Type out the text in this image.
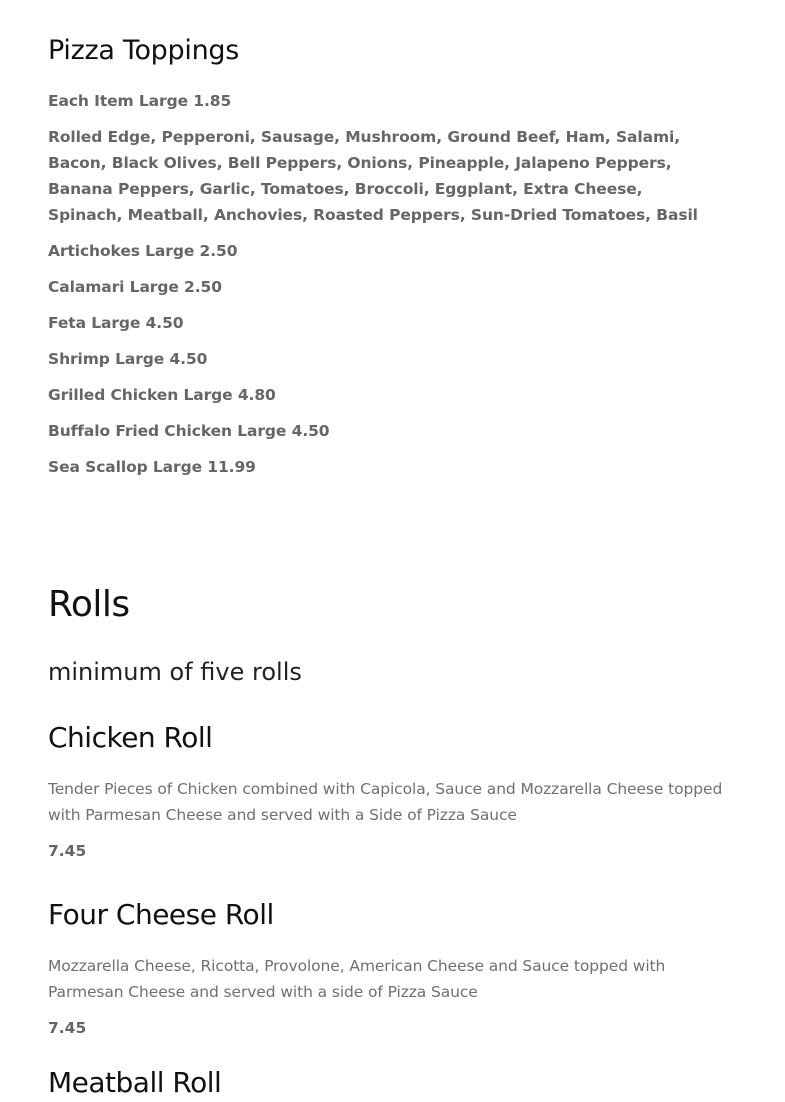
Pizza Toppings

Each Item Large 1.85

Rolled Edge, Pepperoni, Sausage, Mushroom, Ground Beef, Ham, Salami, Bacon, Black Olives, Bell Peppers, Onions, Pineapple, Jalapeno Peppers, Banana Peppers, Garlic, Tomatoes, Broccoli, Eggplant, Extra Cheese, Spinach, Meatball, Anchovies, Roasted Peppers, Sun-Dried Tomatoes, Basil

Artichokes Large 2.50

Calamari Large 2.50

Feta Large 4.50

Shrimp Large 4.50

Grilled Chicken Large 4.80

Buffalo Fried Chicken Large 4.50

Sea Scallop Large 11.99

Rolls

minimum of five rolls

Chicken Roll

Tender Pieces of Chicken combined with Capicola, Sauce and Mozzarella Cheese topped with Parmesan Cheese and served with a Side of Pizza Sauce

7.45

Four Cheese Roll

Mozzarella Cheese, Ricotta, Provolone, American Cheese and Sauce topped with Parmesan Cheese and served with a side of Pizza Sauce

7.45

Meatball Roll
